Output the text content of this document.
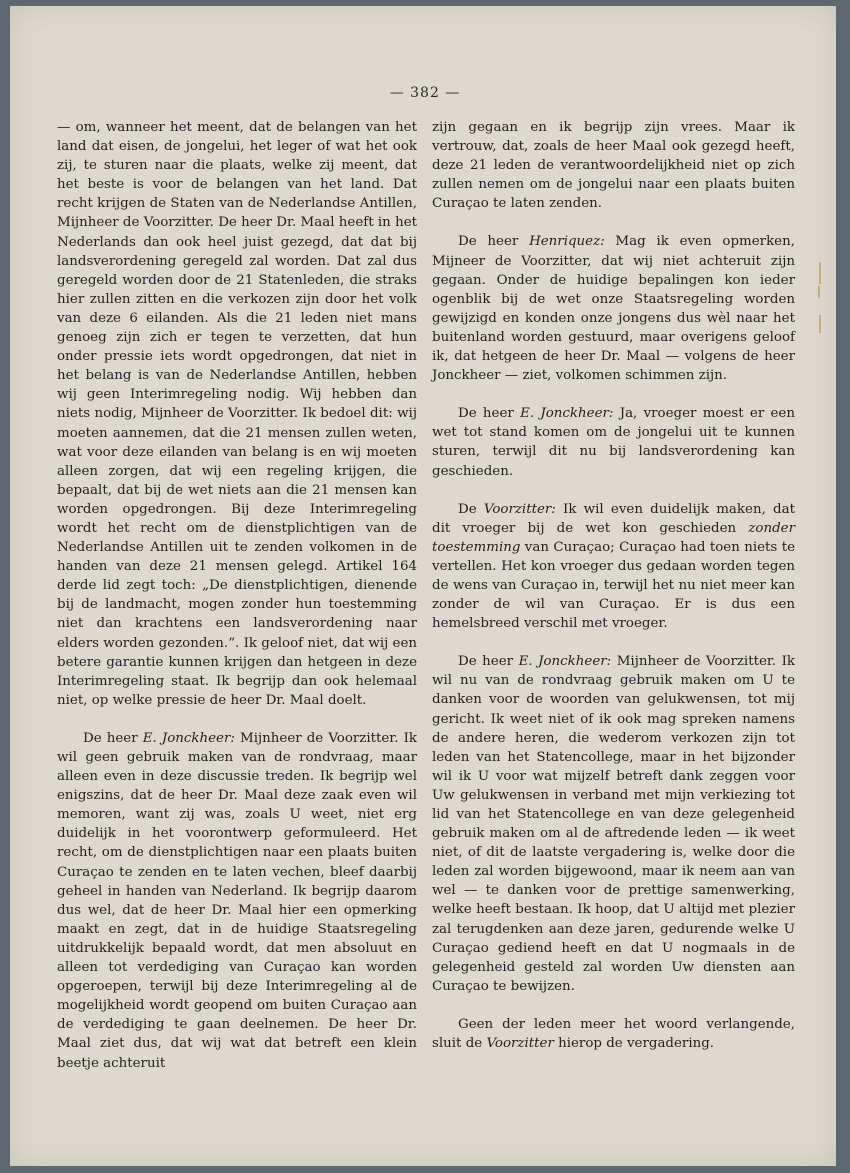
— 382 —

— om, wanneer het meent, dat de belangen van het land dat eisen, de jongelui, het leger of wat het ook zij, te sturen naar die plaats, welke zij meent, dat het beste is voor de belangen van het land. Dat recht krijgen de Staten van de Nederlandse Antillen, Mijnheer de Voorzitter. De heer Dr. Maal heeft in het Nederlands dan ook heel juist gezegd, dat dat bij landsverordening geregeld zal worden. Dat zal dus geregeld worden door de 21 Statenleden, die straks hier zullen zitten en die verkozen zijn door het volk van deze 6 eilanden. Als die 21 leden niet mans genoeg zijn zich er tegen te verzetten, dat hun onder pressie iets wordt opgedrongen, dat niet in het belang is van de Nederlandse Antillen, hebben wij geen Interimregeling nodig. Wij hebben dan niets nodig, Mijnheer de Voorzitter. Ik bedoel dit: wij moeten aannemen, dat die 21 mensen zullen weten, wat voor deze eilanden van belang is en wij moeten alleen zorgen, dat wij een regeling krijgen, die bepaalt, dat bij de wet niets aan die 21 mensen kan worden opgedrongen. Bij deze Interimregeling wordt het recht om de dienstplichtigen van de Nederlandse Antillen uit te zenden volkomen in de handen van deze 21 mensen gelegd. Artikel 164 derde lid zegt toch: „De dienstplichtigen, dienende bij de landmacht, mogen zonder hun toestemming niet dan krachtens een landsverordening naar elders worden gezonden.”. Ik geloof niet, dat wij een betere garantie kunnen krijgen dan hetgeen in deze Interimregeling staat. Ik begrijp dan ook helemaal niet, op welke pressie de heer Dr. Maal doelt.

De heer E. Jonckheer: Mijnheer de Voorzitter. Ik wil geen gebruik maken van de rondvraag, maar alleen even in deze discussie treden. Ik begrijp wel enigszins, dat de heer Dr. Maal deze zaak even wil memoren, want zij was, zoals U weet, niet erg duidelijk in het voorontwerp geformuleerd. Het recht, om de dienstplichtigen naar een plaats buiten Curaçao te zenden en te laten vechen, bleef daarbij geheel in handen van Nederland. Ik begrijp daarom dus wel, dat de heer Dr. Maal hier een opmerking maakt en zegt, dat in de huidige Staatsregeling uitdrukkelijk bepaald wordt, dat men absoluut en alleen tot verdediging van Curaçao kan worden opgeroepen, terwijl bij deze Interimregeling al de mogelijkheid wordt geopend om buiten Curaçao aan de verdediging te gaan deelnemen. De heer Dr. Maal ziet dus, dat wij wat dat betreft een klein beetje achteruit

zijn gegaan en ik begrijp zijn vrees. Maar ik vertrouw, dat, zoals de heer Maal ook gezegd heeft, deze 21 leden de verantwoordelijkheid niet op zich zullen nemen om de jongelui naar een plaats buiten Curaçao te laten zenden.

De heer Henriquez: Mag ik even opmerken, Mijneer de Voorzitter, dat wij niet achteruit zijn gegaan. Onder de huidige bepalingen kon ieder ogenblik bij de wet onze Staatsregeling worden gewijzigd en konden onze jongens dus wèl naar het buitenland worden gestuurd, maar overigens geloof ik, dat hetgeen de heer Dr. Maal — volgens de heer Jonckheer — ziet, volkomen schimmen zijn.

De heer E. Jonckheer: Ja, vroeger moest er een wet tot stand komen om de jongelui uit te kunnen sturen, terwijl dit nu bij landsverordening kan geschieden.

De Voorzitter: Ik wil even duidelijk maken, dat dit vroeger bij de wet kon geschieden zonder toestemming van Curaçao; Curaçao had toen niets te vertellen. Het kon vroeger dus gedaan worden tegen de wens van Curaçao in, terwijl het nu niet meer kan zonder de wil van Curaçao. Er is dus een hemelsbreed verschil met vroeger.

De heer E. Jonckheer: Mijnheer de Voorzitter. Ik wil nu van de rondvraag gebruik maken om U te danken voor de woorden van gelukwensen, tot mij gericht. Ik weet niet of ik ook mag spreken namens de andere heren, die wederom verkozen zijn tot leden van het Statencollege, maar in het bijzonder wil ik U voor wat mijzelf betreft dank zeggen voor Uw gelukwensen in verband met mijn verkiezing tot lid van het Statencollege en van deze gelegenheid gebruik maken om al de aftredende leden — ik weet niet, of dit de laatste vergadering is, welke door die leden zal worden bijgewoond, maar ik neem aan van wel — te danken voor de prettige samenwerking, welke heeft bestaan. Ik hoop, dat U altijd met plezier zal terugdenken aan deze jaren, gedurende welke U Curaçao gediend heeft en dat U nogmaals in de gelegenheid gesteld zal worden Uw diensten aan Curaçao te bewijzen.

Geen der leden meer het woord verlangende, sluit de Voorzitter hierop de vergadering.
